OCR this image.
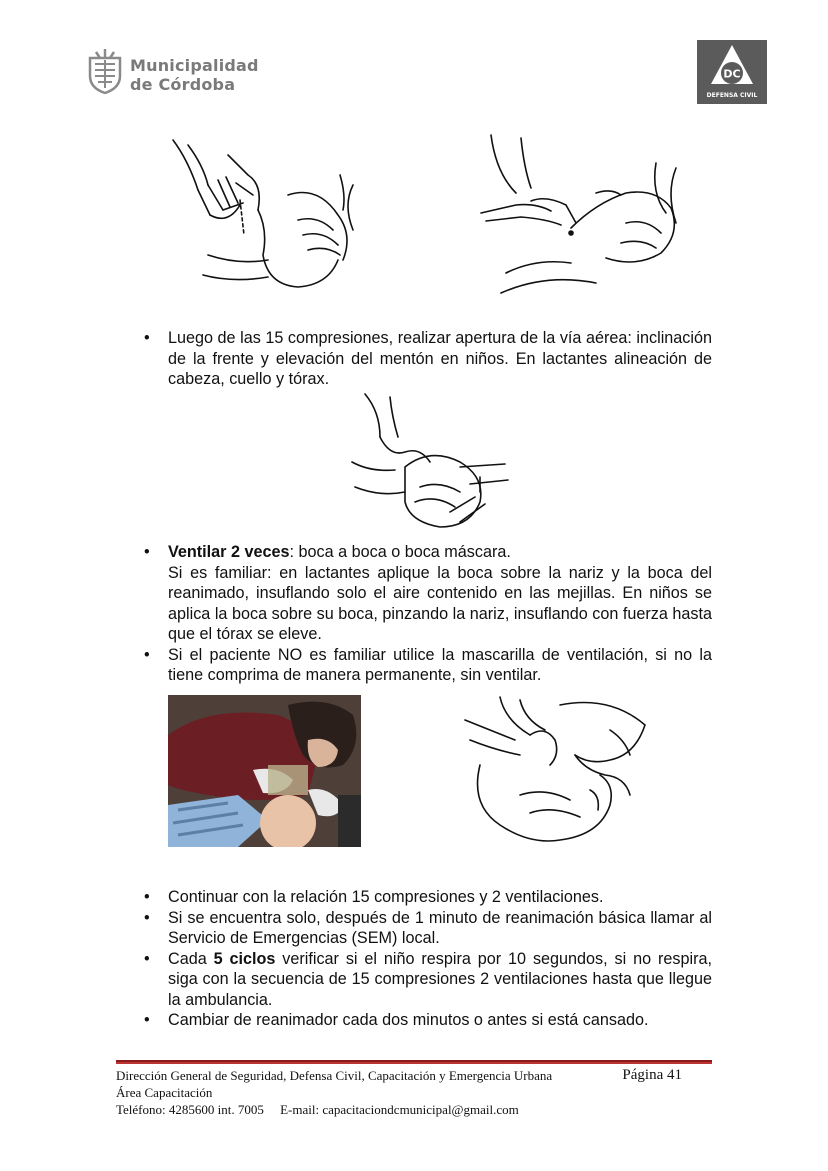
Municipalidad
de Córdoba
DC
DEFENSA CIVIL
• Luego de las 15 compresiones, realizar apertura de la vía aérea: inclinación de la frente y elevación del mentón en niños. En lactantes alineación de cabeza, cuello y tórax.
• Ventilar 2 veces: boca a boca o boca máscara.
Si es familiar: en lactantes aplique la boca sobre la nariz y la boca del reanimado, insuflando solo el aire contenido en las mejillas. En niños se aplica la boca sobre su boca, pinzando la nariz, insuflando con fuerza hasta que el tórax se eleve.
• Si el paciente NO es familiar utilice la mascarilla de ventilación, si no la tiene comprima de manera permanente, sin ventilar.
• Continuar con la relación 15 compresiones y 2 ventilaciones.
• Si se encuentra solo, después de 1 minuto de reanimación básica llamar al Servicio de Emergencias (SEM) local.
• Cada 5 ciclos verificar si el niño respira por 10 segundos, si no respira, siga con la secuencia de 15 compresiones 2 ventilaciones hasta que llegue la ambulancia.
• Cambiar de reanimador cada dos minutos o antes si está cansado.
Dirección General de Seguridad, Defensa Civil, Capacitación y Emergencia Urbana	Página 41
Área Capacitación
Teléfono: 4285600 int. 7005     E-mail: capacitaciondcmunicipal@gmail.com
